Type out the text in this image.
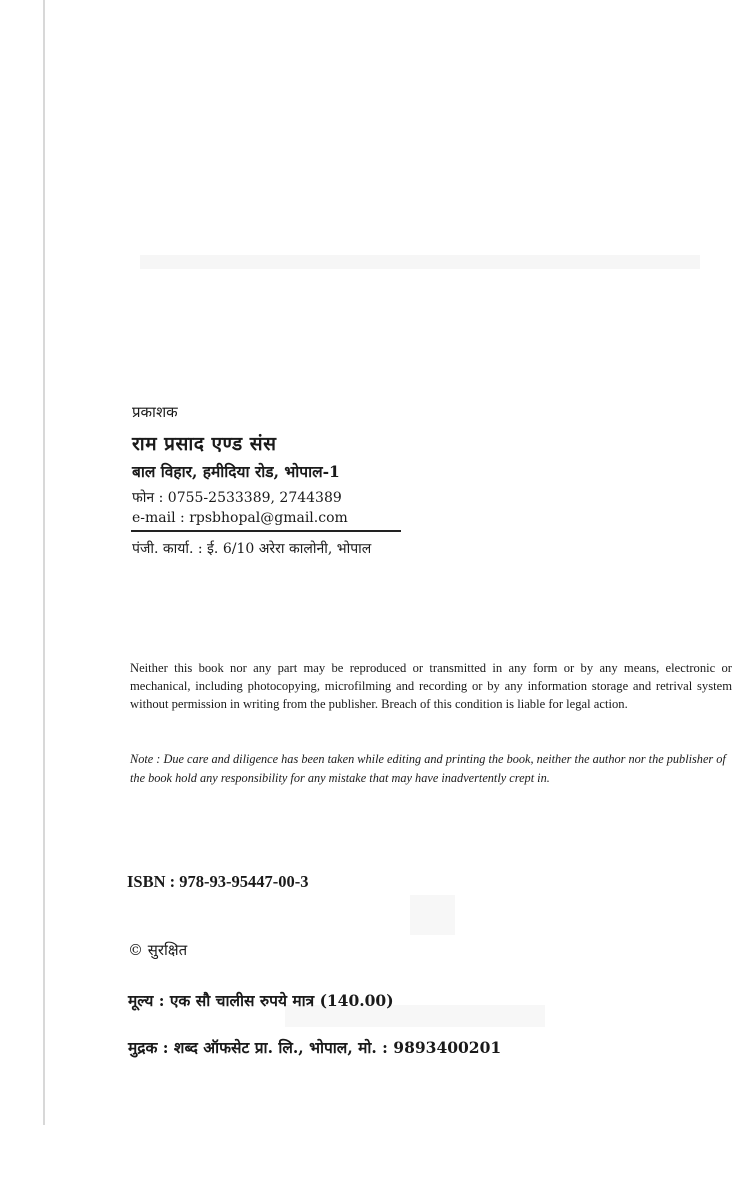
प्रकाशक
राम प्रसाद एण्ड संस
बाल विहार, हमीदिया रोड, भोपाल-1
फोन : 0755-2533389, 2744389
e-mail : rpsbhopal@gmail.com
पंजी. कार्या. : ई. 6/10 अरेरा कालोनी, भोपाल
Neither this book nor any part may be reproduced or transmitted in any form or by any means, electronic or mechanical, including photocopying, microfilming and recording or by any information storage and retrival system without permission in writing from the publisher. Breach of this condition is liable for legal action.
Note : Due care and diligence has been taken while editing and printing the book, neither the author nor the publisher of the book hold any responsibility for any mistake that may have inadvertently crept in.
ISBN : 978-93-95447-00-3
© सुरक्षित
मूल्य : एक सौ चालीस रुपये मात्र (140.00)
मुद्रक : शब्द ऑफसेट प्रा. लि., भोपाल, मो. : 9893400201
